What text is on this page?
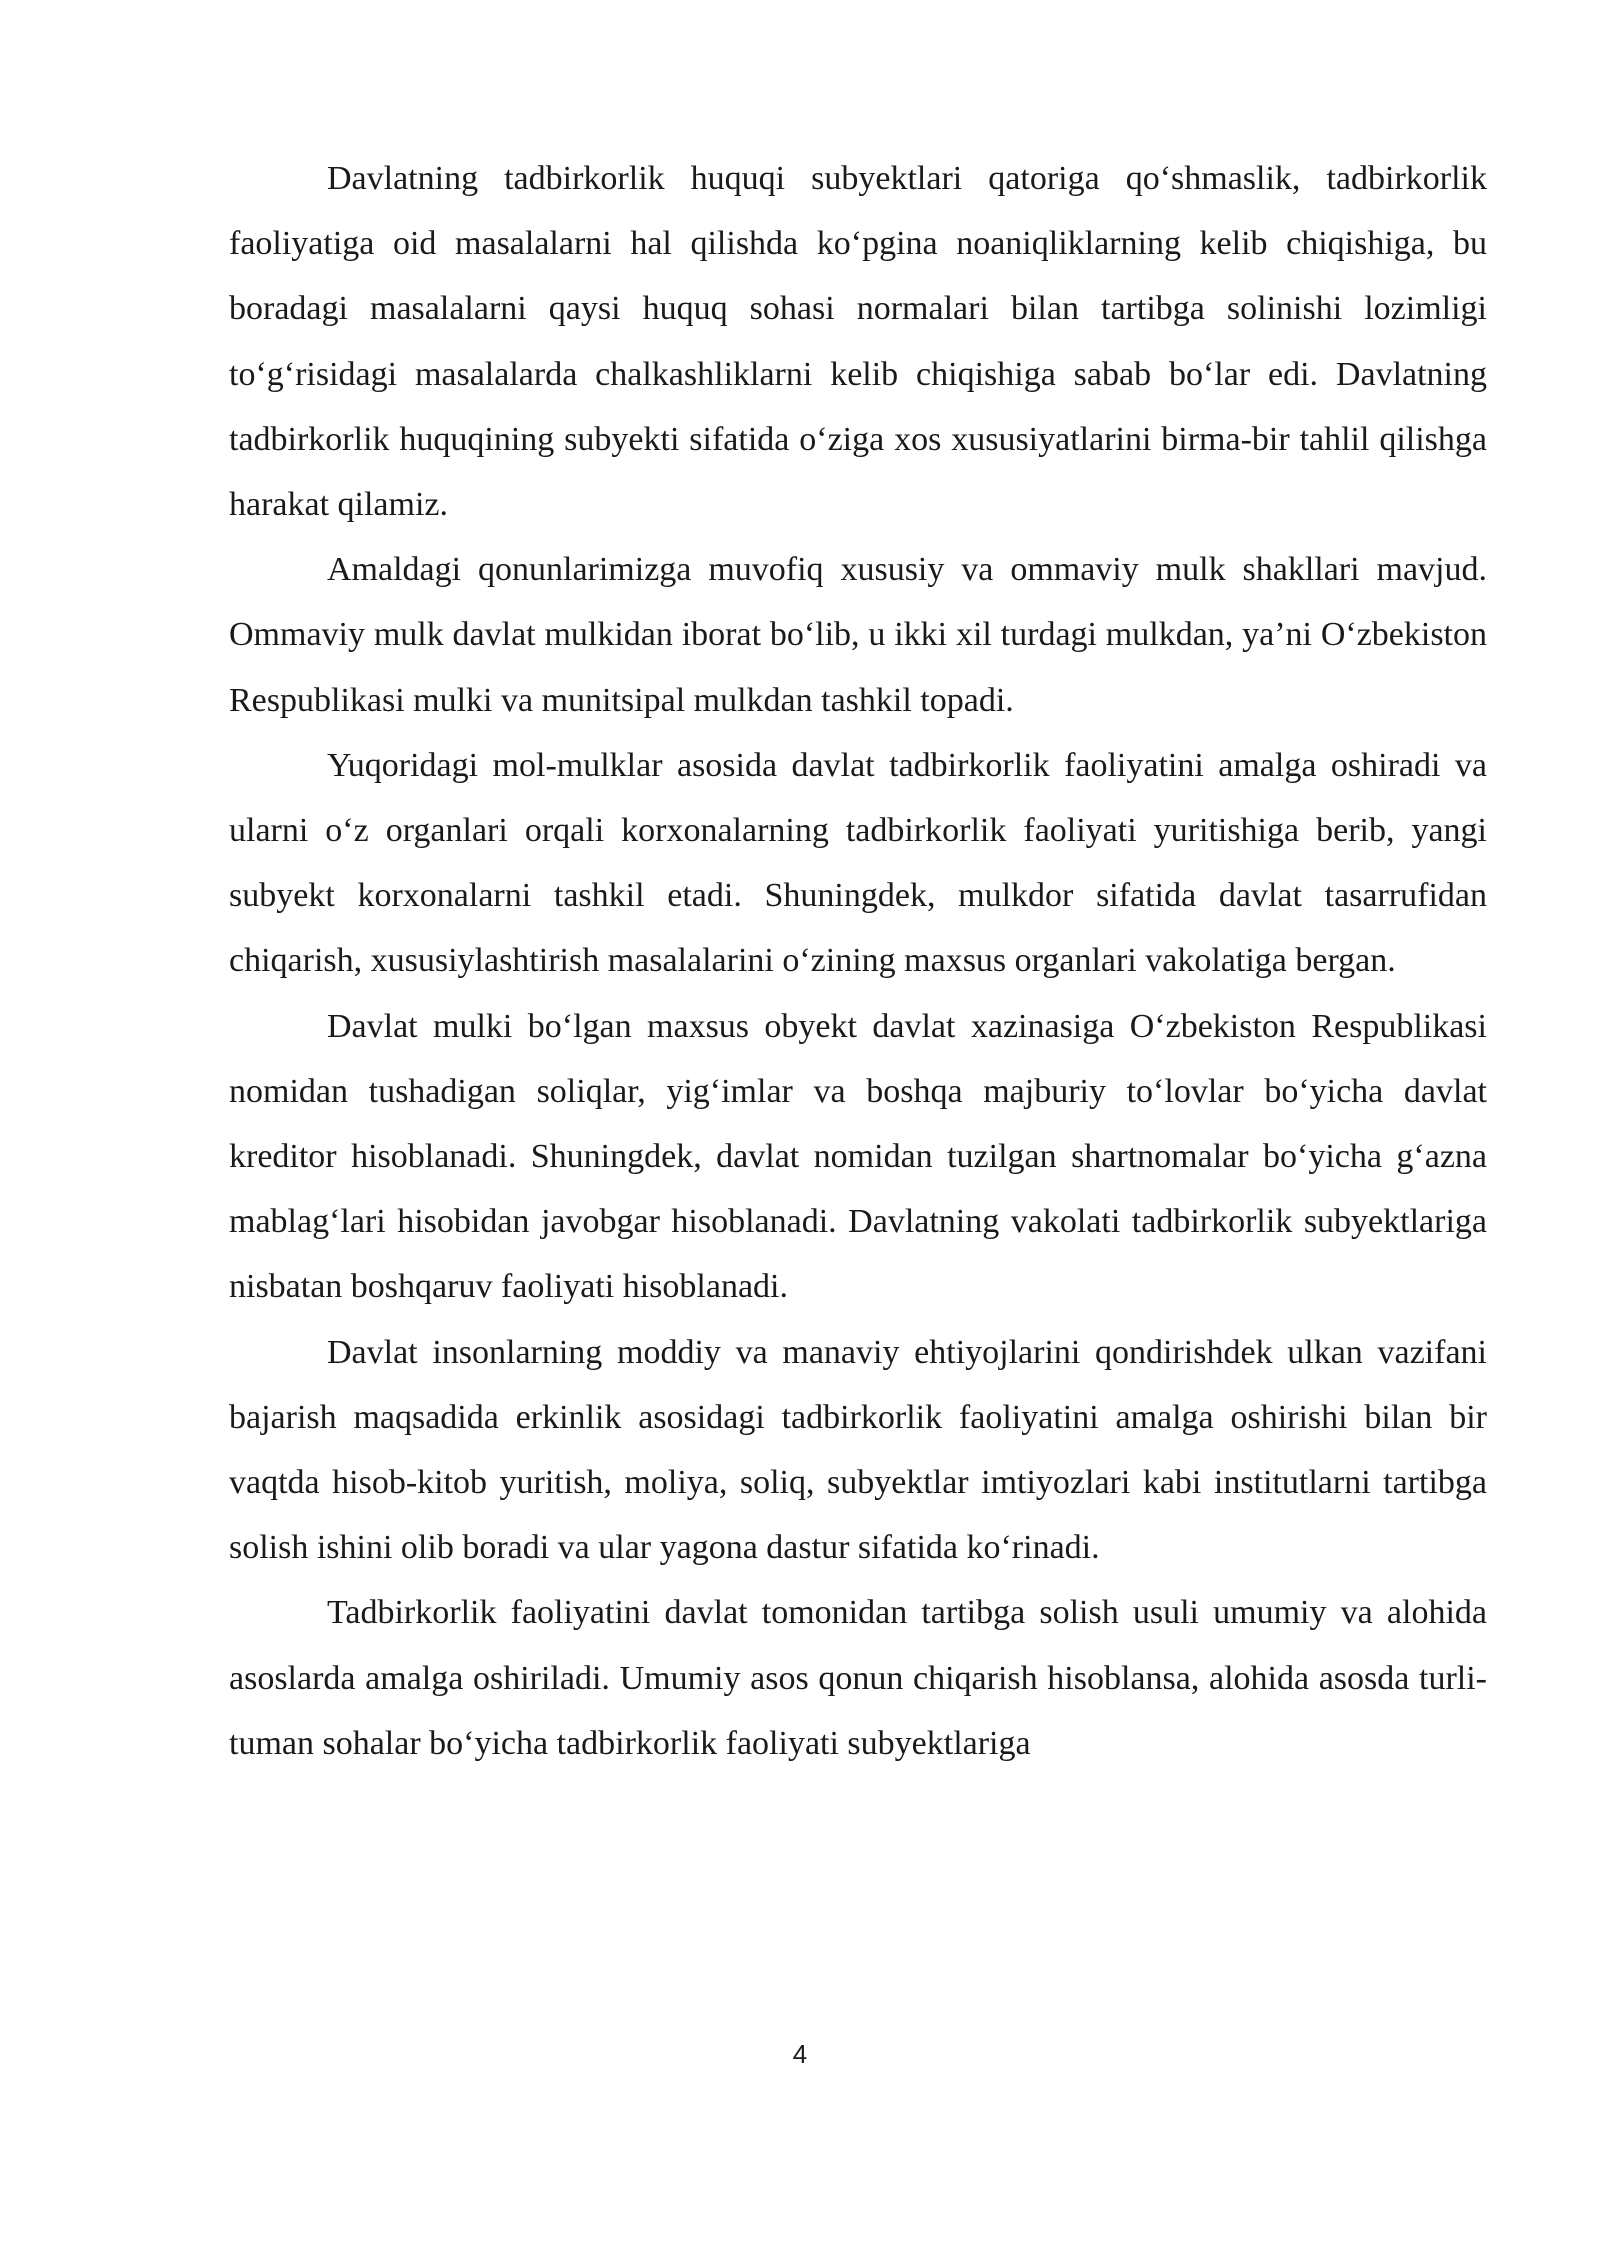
Davlatning tadbirkorlik huquqi subyektlari qatoriga qo‘shmaslik, tadbirkorlik faoliyatiga oid masalalarni hal qilishda ko‘pgina noaniqliklarning kelib chiqishiga, bu boradagi masalalarni qaysi huquq sohasi normalari bilan tartibga solinishi lozimligi to‘g‘risidagi masalalarda chalkashliklarni kelib chiqishiga sabab bo‘lar edi. Davlatning tadbirkorlik huquqining subyekti sifatida o‘ziga xos xususiyatlarini birma-bir tahlil qilishga harakat qilamiz.

Amaldagi qonunlarimizga muvofiq xususiy va ommaviy mulk shakllari mavjud. Ommaviy mulk davlat mulkidan iborat bo‘lib, u ikki xil turdagi mulkdan, ya’ni O‘zbekiston Respublikasi mulki va munitsipal mulkdan tashkil topadi.

Yuqoridagi mol-mulklar asosida davlat tadbirkorlik faoliyatini amalga oshiradi va ularni o‘z organlari orqali korxonalarning tadbirkorlik faoliyati yuritishiga berib, yangi subyekt korxonalarni tashkil etadi. Shuningdek, mulkdor sifatida davlat tasarrufidan chiqarish, xususiylashtirish masalalarini o‘zining maxsus organlari vakolatiga bergan.

Davlat mulki bo‘lgan maxsus obyekt davlat xazinasiga O‘zbekiston Respublikasi nomidan tushadigan soliqlar, yig‘imlar va boshqa majburiy to‘lovlar bo‘yicha davlat kreditor hisoblanadi. Shuningdek, davlat nomidan tuzilgan shartnomalar bo‘yicha g‘azna mablag‘lari hisobidan javobgar hisoblanadi. Davlatning vakolati tadbirkorlik subyektlariga nisbatan boshqaruv faoliyati hisoblanadi.

Davlat insonlarning moddiy va manaviy ehtiyojlarini qondirishdek ulkan vazifani bajarish maqsadida erkinlik asosidagi tadbirkorlik faoliyatini amalga oshirishi bilan bir vaqtda hisob-kitob yuritish, moliya, soliq, subyektlar imtiyozlari kabi institutlarni tartibga solish ishini olib boradi va ular yagona dastur sifatida ko‘rinadi.

Tadbirkorlik faoliyatini davlat tomonidan tartibga solish usuli umumiy va alohida asoslarda amalga oshiriladi. Umumiy asos qonun chiqarish hisoblansa, alohida asosda turli-tuman sohalar bo‘yicha tadbirkorlik faoliyati subyektlariga

4
